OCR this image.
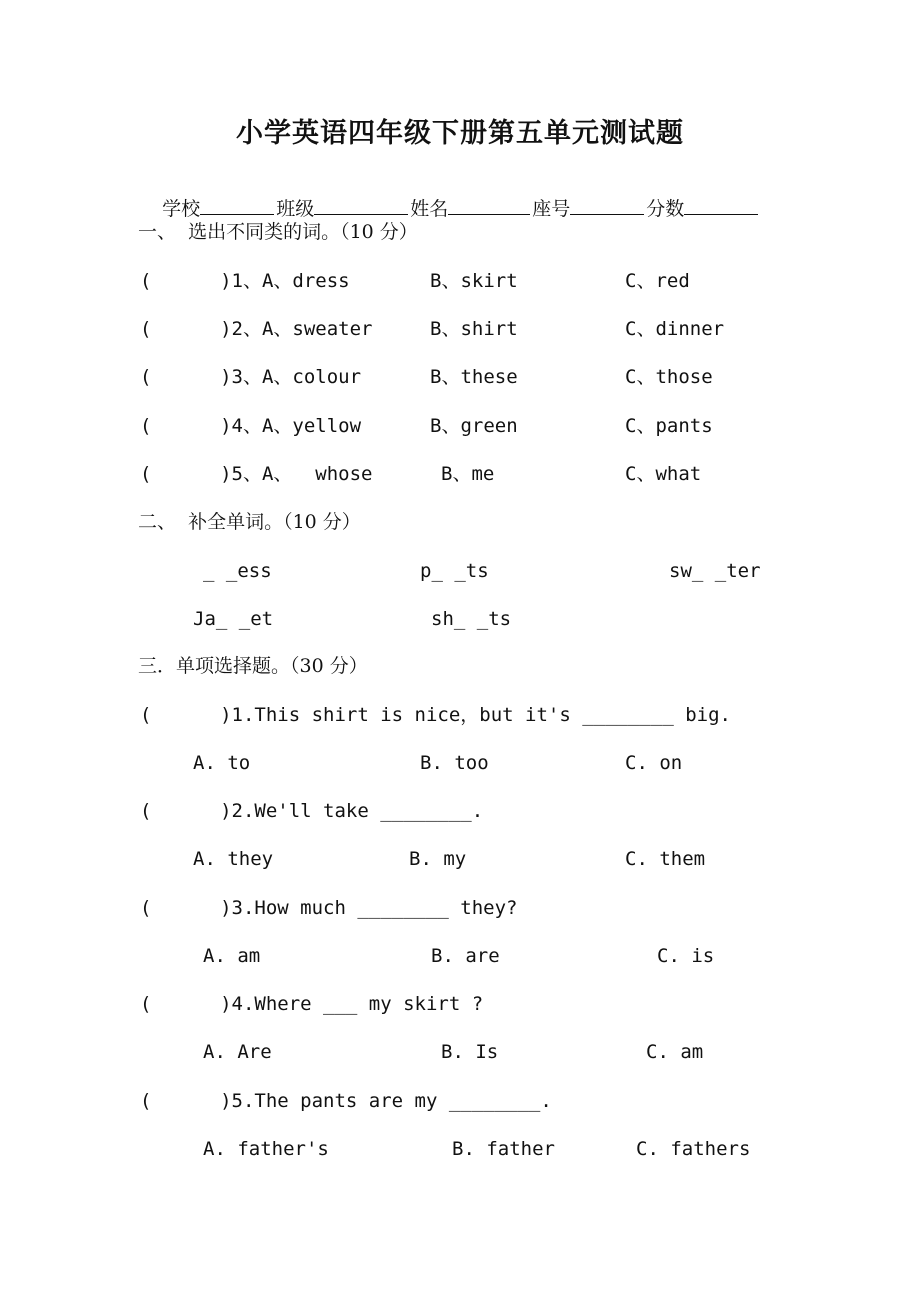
小学英语四年级下册第五单元测试题

学校	班级	姓名	座号	分数

一、  选出不同类的词。（10 分）
(      )1、A、dress	B、skirt	C、red
(      )2、A、sweater	B、shirt	C、dinner
(      )3、A、colour	B、these	C、those
(      )4、A、yellow	B、green	C、pants
(      )5、A、  whose	B、me	C、what
二、  补全单词。（10 分）
_ _ess	p_ _ts	sw_ _ter
Ja_ _et	sh_ _ts
三．单项选择题。（30 分）
(      )1.This shirt is nice，but it's ________ big.
A. to	B. too	C. on
(      )2.We'll take ________.
A. they	B. my	C. them
(      )3.How much ________ they?
A. am	B. are	C. is
(      )4.Where ___ my skirt ?
A. Are	B. Is	C. am
(      )5.The pants are my ________.
A. father's	B. father	C. fathers
